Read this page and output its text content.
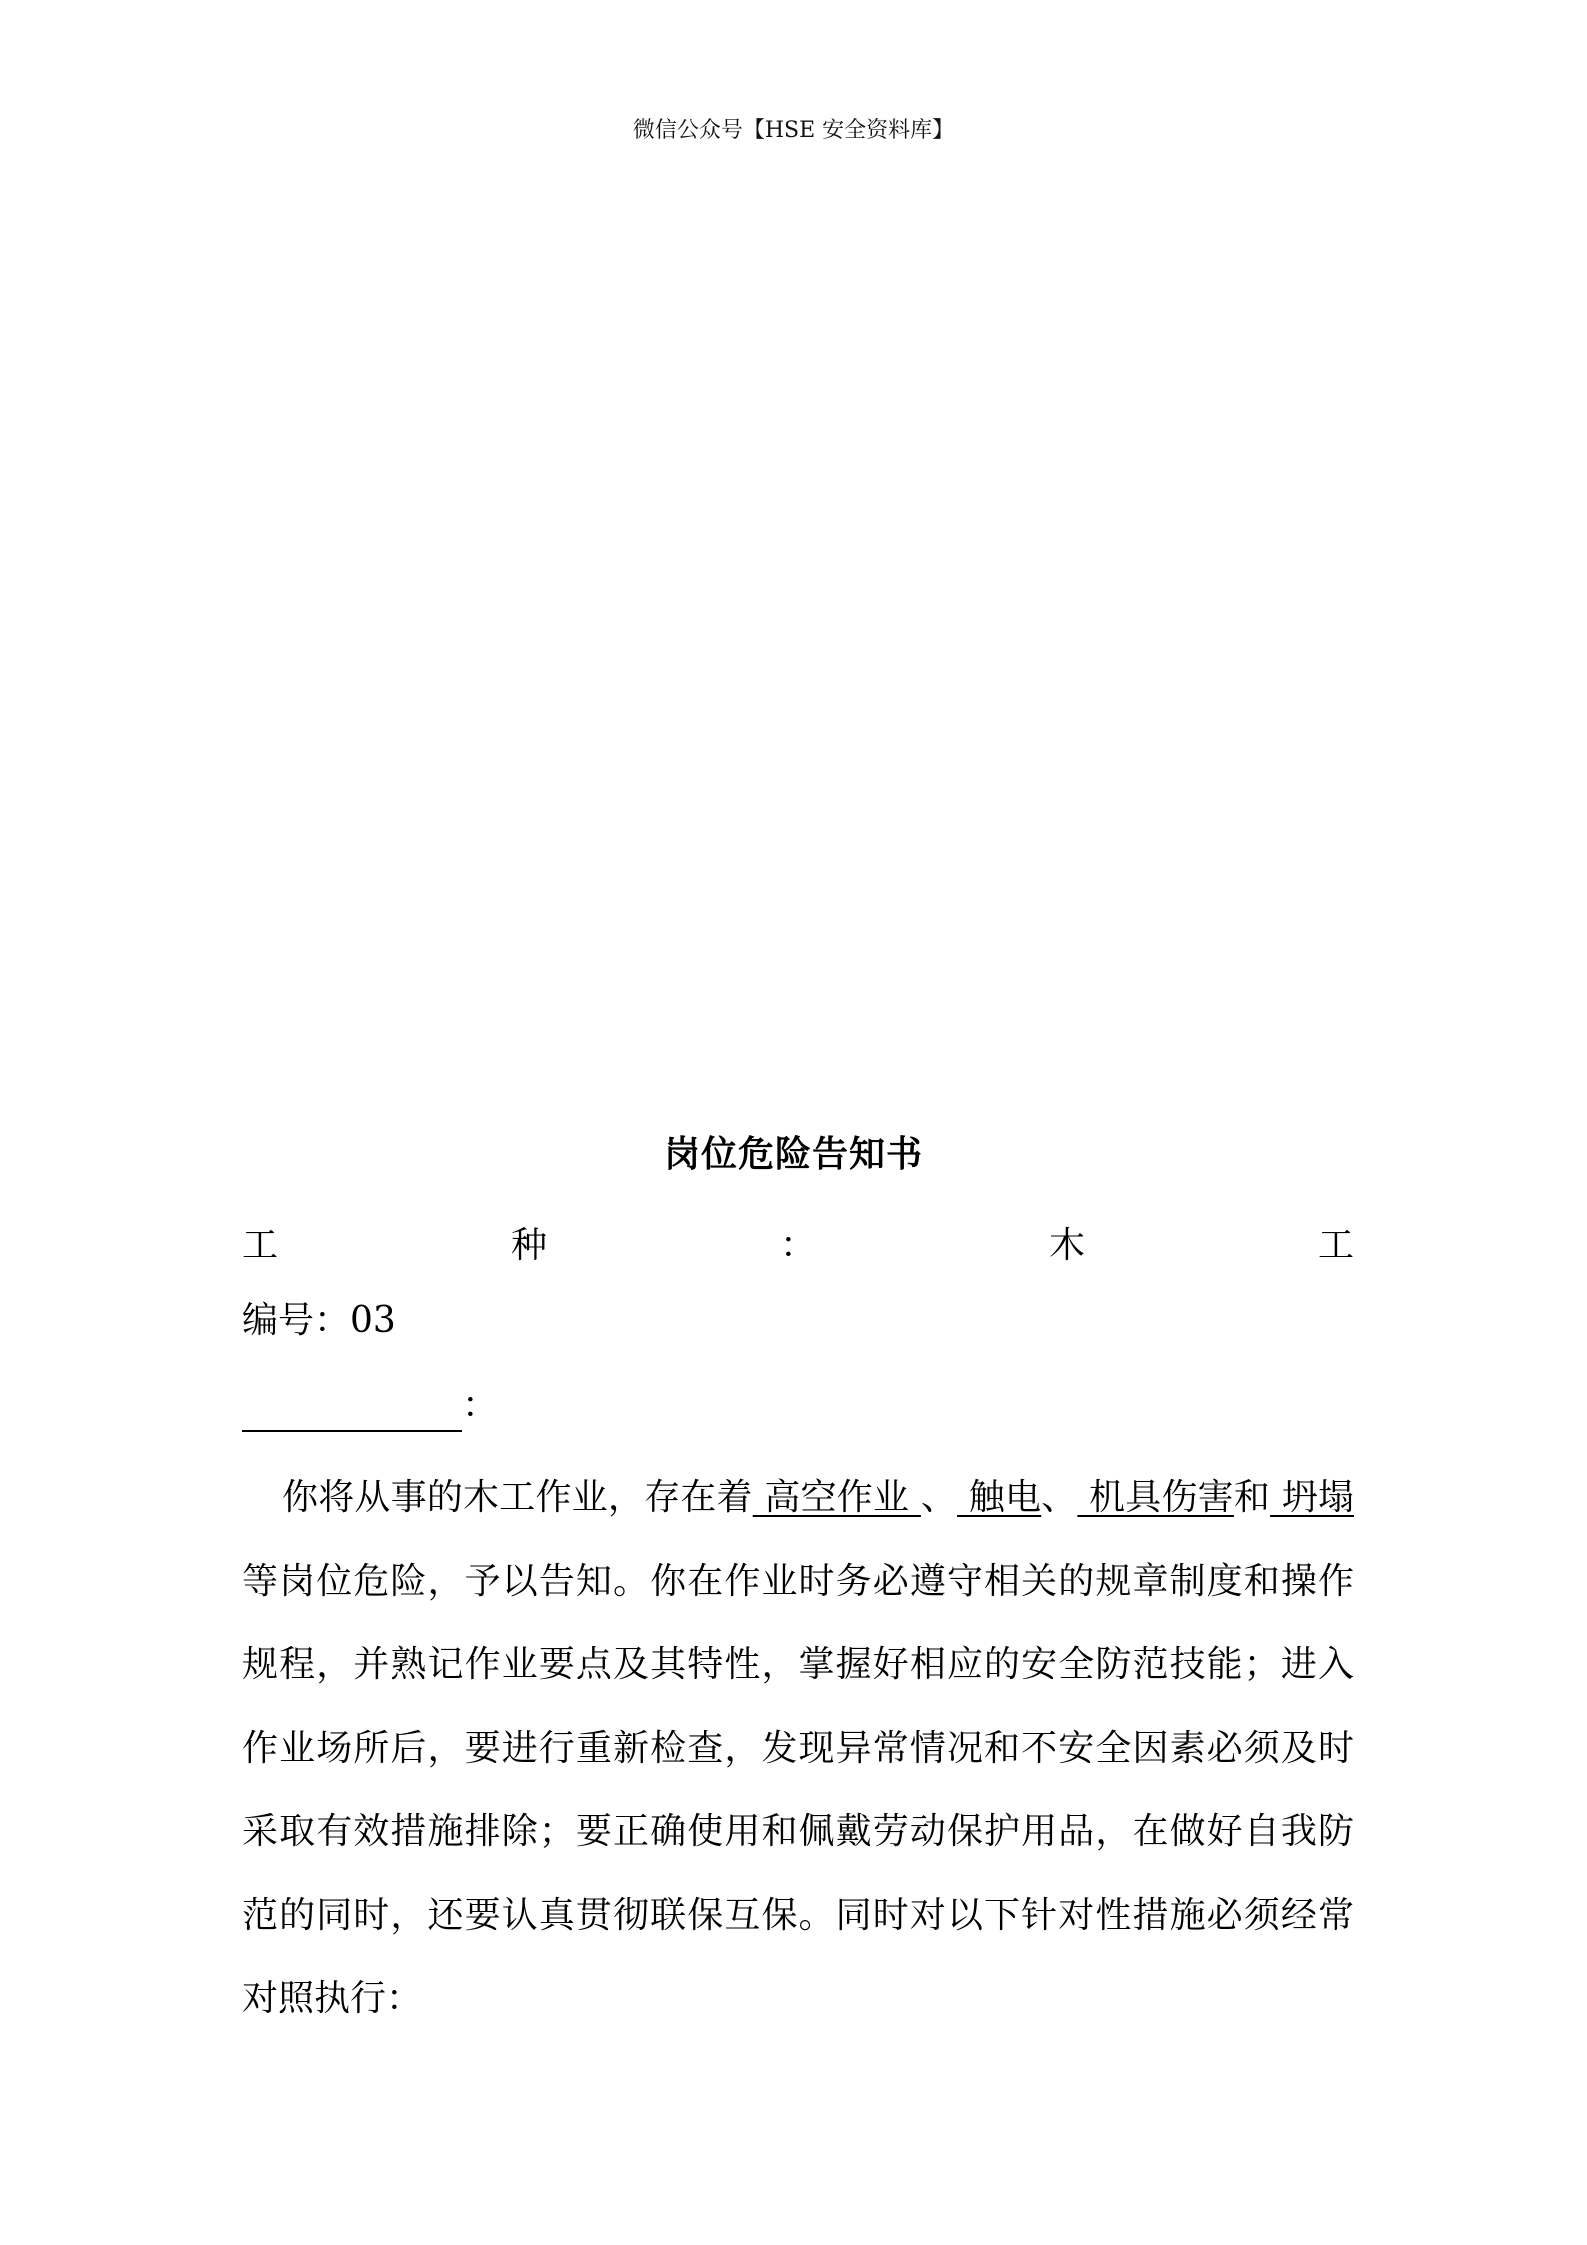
微信公众号【HSE 安全资料库】
岗位危险告知书
工	种	：	木	工
编号：03
：

你将从事的木工作业，存在着 高空作业 、 触电、 机具伤害和 坍塌等岗位危险，予以告知。你在作业时务必遵守相关的规章制度和操作规程，并熟记作业要点及其特性，掌握好相应的安全防范技能；进入作业场所后，要进行重新检查，发现异常情况和不安全因素必须及时采取有效措施排除；要正确使用和佩戴劳动保护用品，在做好自我防范的同时，还要认真贯彻联保互保。同时对以下针对性措施必须经常对照执行：
